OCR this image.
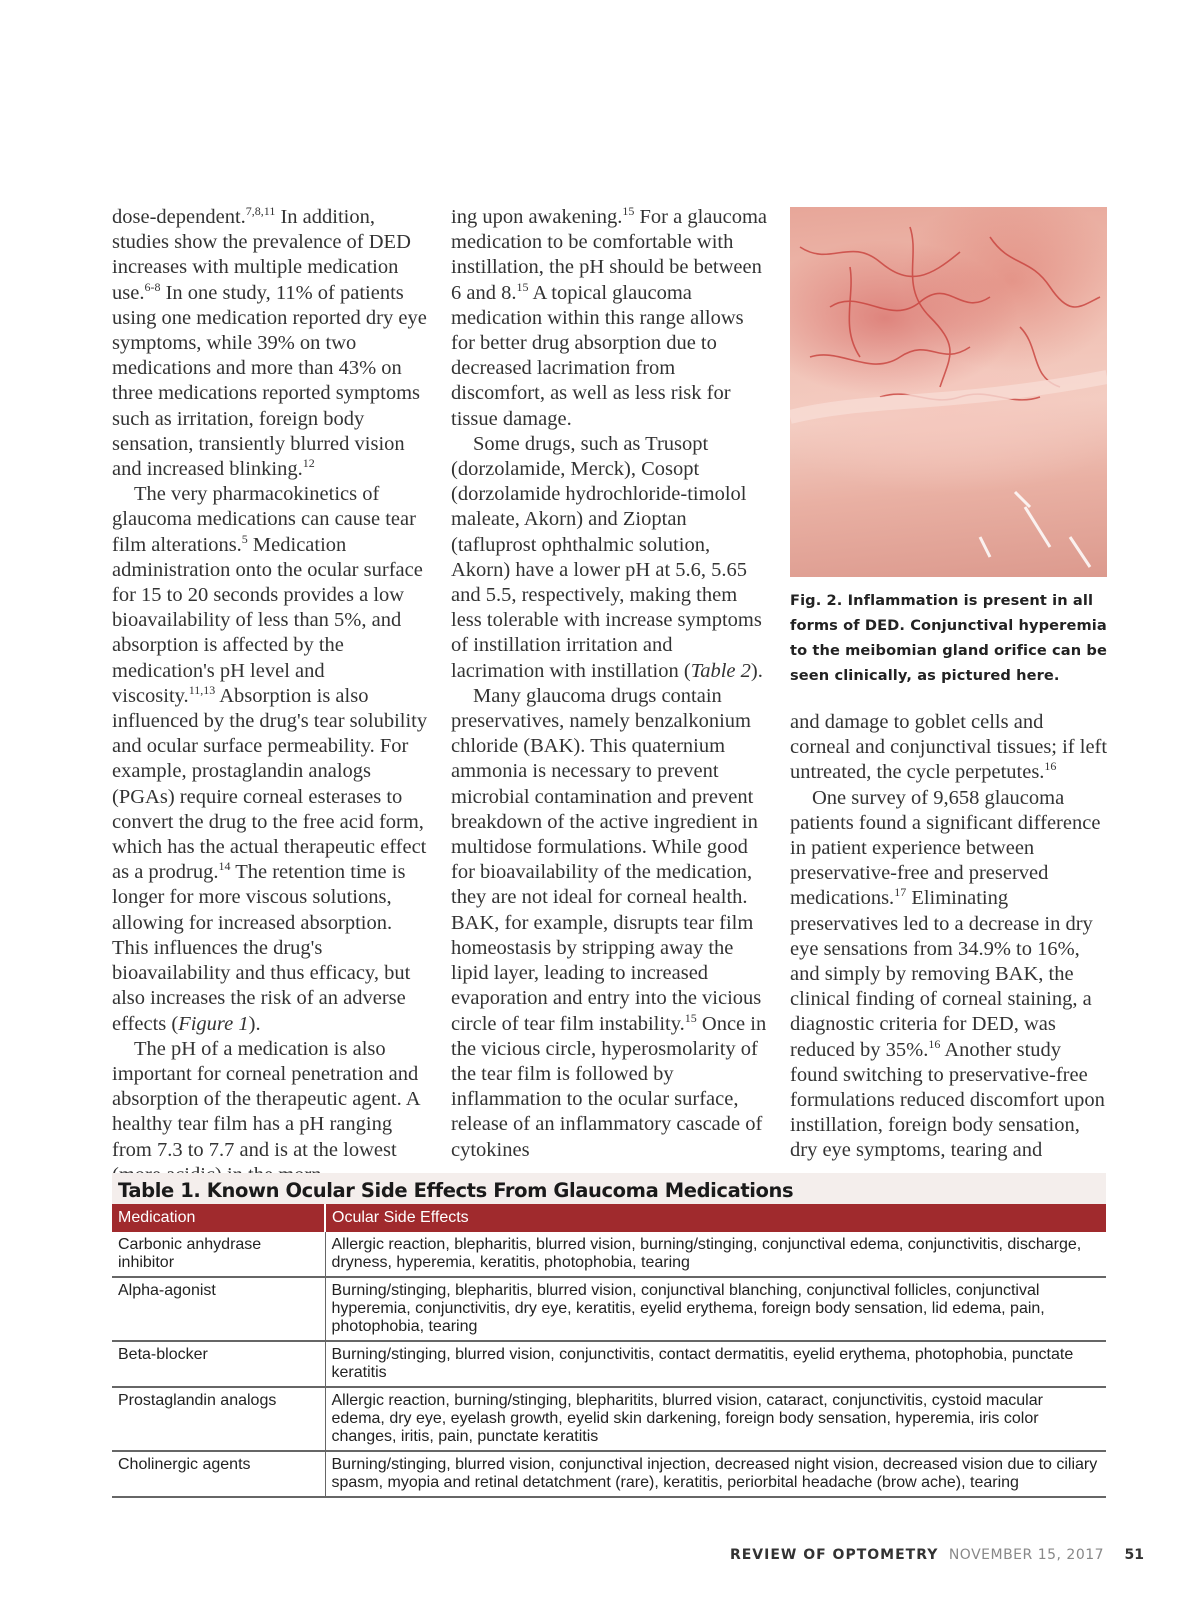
dose-dependent.$^{7,8,11}$ In addition, studies show the prevalence of DED increases with multiple medication use.$^{6-8}$ In one study, 11% of patients using one medication reported dry eye symptoms, while 39% on two medications and more than 43% on three medications reported symptoms such as irritation, foreign body sensation, transiently blurred vision and increased blinking.$^{12}$

The very pharmacokinetics of glaucoma medications can cause tear film alterations.$^5$ Medication administration onto the ocular surface for 15 to 20 seconds provides a low bioavailability of less than 5%, and absorption is affected by the medication's pH level and viscosity.$^{11,13}$ Absorption is also influenced by the drug's tear solubility and ocular surface permeability. For example, prostaglandin analogs (PGAs) require corneal esterases to convert the drug to the free acid form, which has the actual therapeutic effect as a prodrug.$^{14}$ The retention time is longer for more viscous solutions, allowing for increased absorption. This influences the drug's bioavailability and thus efficacy, but also increases the risk of an adverse effects (Figure 1).

The pH of a medication is also important for corneal penetration and absorption of the therapeutic agent. A healthy tear film has a pH ranging from 7.3 to 7.7 and is at the lowest

ing upon awakening.$^{15}$ For a glaucoma medication to be comfortable with instillation, the pH should be between 6 and 8.15 A topical glaucoma medication within this range allows for better drug absorption due to decreased lacrimation from discomfort, as well as less risk for tissue damage.

Some drugs, such as Trusopt (dorzolamide, Merck), Cosopt (dorzolamide hydrochloride-timolol maleate, Akorn) and Zioptan (tafluprost ophthalmic solution, Akorn) have a lower pH at 5.6, 5.65 and 5.5, respectively, making them less tolerable with increase symptoms of instillation irritation and lacrimation with instillation (Table 2).

Many glaucoma drugs contain preservatives, namely benzalkonium chloride (BAK). This quaternium ammonia is necessary to prevent microbial contamination and prevent breakdown of the active ingredient in multidose formulations. While good for bioavailability of the medication, they are not ideal for corneal health. BAK, for example, disrupts tear film homeostasis by stripping away the lipid layer, leading to increased evaporation and entry into the vicious circle of tear film instability.$^{15}$ Once in the vicious circle, hyperosmolarity of the tear film is followed by inflammation to the ocular surface, release of an inflammatory cascade of cytokines

Fig. 2. Inflammation is present in all forms of DED. Conjunctival hyperemia to the meibomian gland orifice can be seen clinically, as pictured here.

and damage to goblet cells and corneal and conjunctival tissues; if left untreated, the cycle perpetutes.$^{16}$

One survey of 9,658 glaucoma patients found a significant difference in patient experience between preservative-free and preserved medications.$^{17}$ Eliminating preservatives led to a decrease in dry eye sensations from 34.9% to 16%, and simply by removing BAK, the clinical finding of corneal staining, a diagnostic criteria for DED, was reduced by 35%.$^{16}$ Another study found switching to preservative-free formulations reduced discomfort upon instillation, foreign body sensation, dry eye symptoms, tearing and

Table 1. Known Ocular Side Effects From Glaucoma Medications
Medication	Ocular Side Effects
Carbonic anhydrase inhibitor	Allergic reaction, blepharitis, blurred vision, burning/stinging, conjunctival edema, conjunctivitis, discharge, dryness, hyperemia, keratitis, photophobia, tearing
Alpha-agonist	Burning/stinging, blepharitis, blurred vision, conjunctival blanching, conjunctival follicles, conjunctival hyperemia, conjunctivitis, dry eye, keratitis, eyelid erythema, foreign body sensation, lid edema, pain, photophobia, tearing
Beta-blocker	Burning/stinging, blurred vision, conjunctivitis, contact dermatitis, eyelid erythema, photophobia, punctate keratitis
Prostaglandin analogs	Allergic reaction, burning/stinging, blepharitits, blurred vision, cataract, conjunctivitis, cystoid macular edema, dry eye, eyelash growth, eyelid skin darkening, foreign body sensation, hyperemia, iris color changes, iritis, pain, punctate keratitis
Cholinergic agents	Burning/stinging, blurred vision, conjunctival injection, decreased night vision, decreased vision due to ciliary spasm, myopia and retinal detatchment (rare), keratitis, periorbital headache (brow ache), tearing
REVIEW OF OPTOMETRY NOVEMBER 15, 2017 51
